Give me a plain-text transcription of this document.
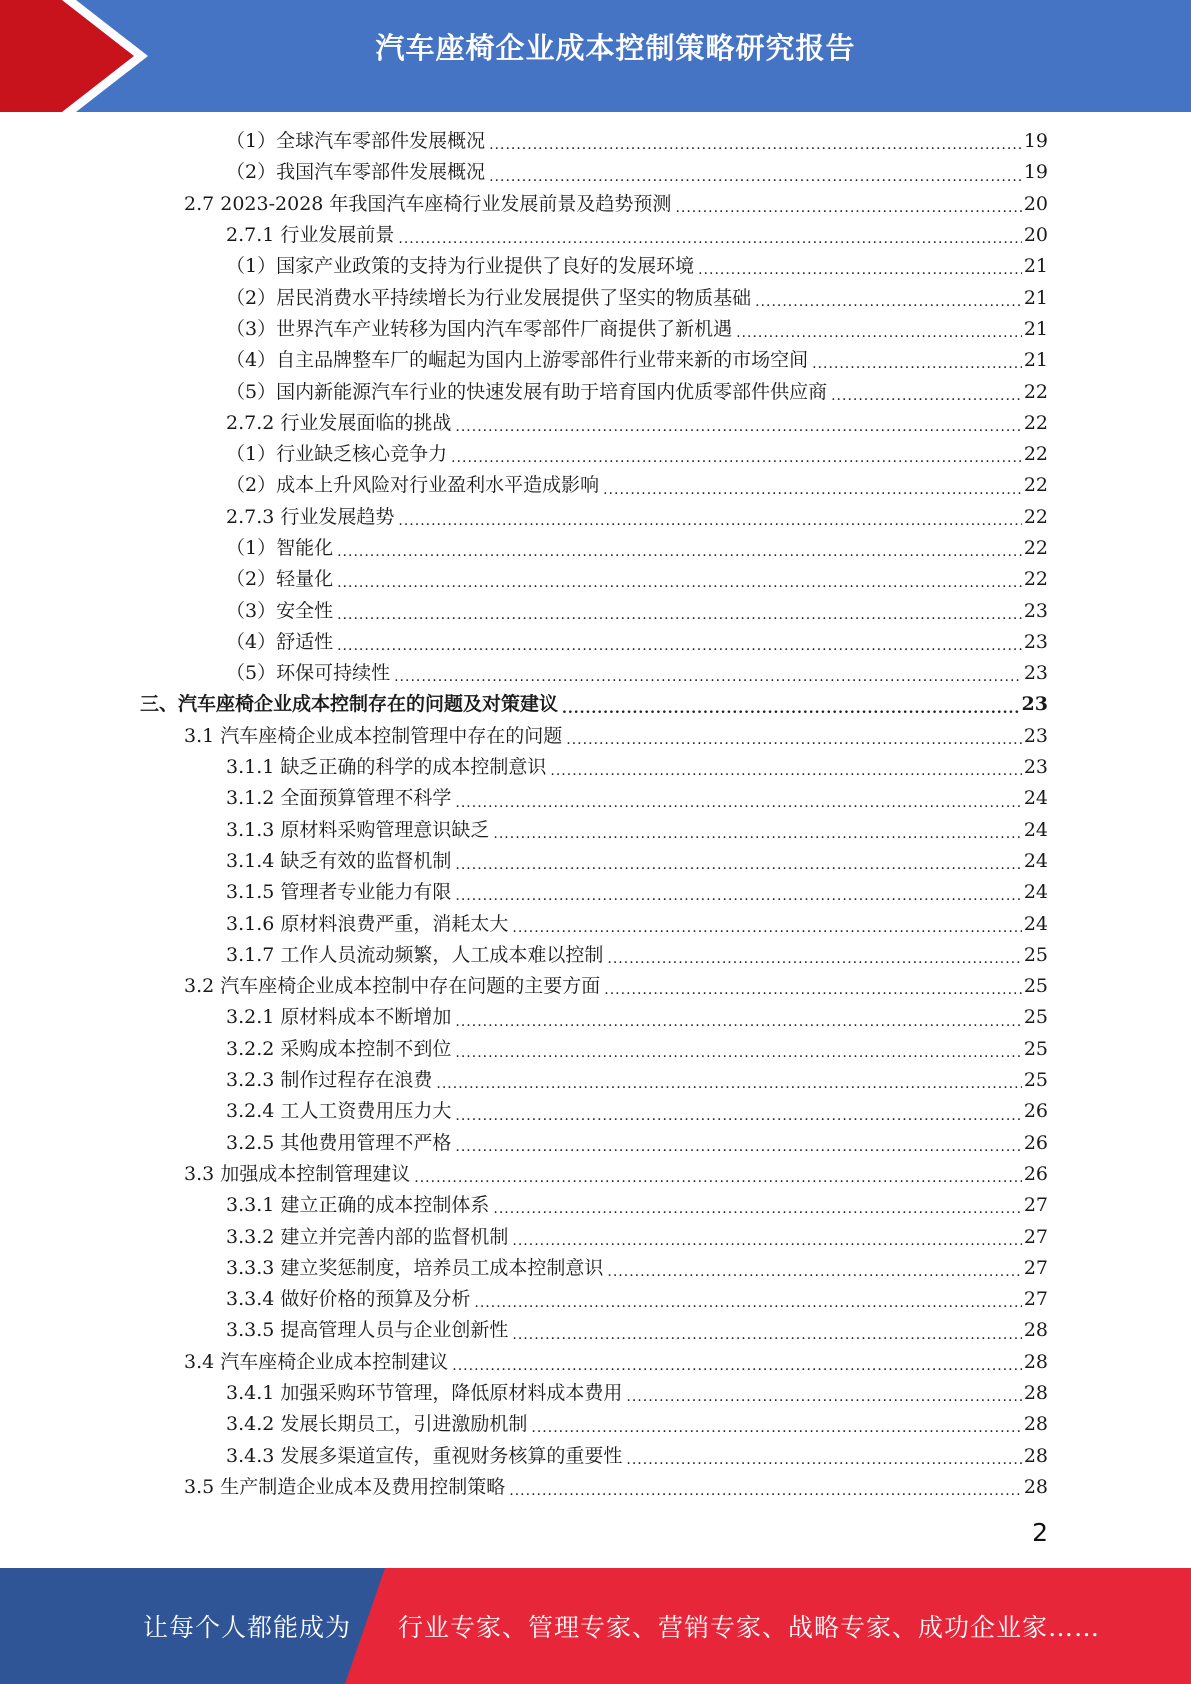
汽车座椅企业成本控制策略研究报告
（1）全球汽车零部件发展概况 .....	19
（2）我国汽车零部件发展概况 .....	19
2.7 2023-2028 年我国汽车座椅行业发展前景及趋势预测 .....	20
2.7.1 行业发展前景 .....	20
（1）国家产业政策的支持为行业提供了良好的发展环境 .....	21
（2）居民消费水平持续增长为行业发展提供了坚实的物质基础 .....	21
（3）世界汽车产业转移为国内汽车零部件厂商提供了新机遇 .....	21
（4）自主品牌整车厂的崛起为国内上游零部件行业带来新的市场空间 .....	21
（5）国内新能源汽车行业的快速发展有助于培育国内优质零部件供应商 .....	22
2.7.2 行业发展面临的挑战 .....	22
（1）行业缺乏核心竞争力 .....	22
（2）成本上升风险对行业盈利水平造成影响 .....	22
2.7.3 行业发展趋势 .....	22
（1）智能化 .....	22
（2）轻量化 .....	22
（3）安全性 .....	23
（4）舒适性 .....	23
（5）环保可持续性 .....	23
三、汽车座椅企业成本控制存在的问题及对策建议 .....	23
3.1 汽车座椅企业成本控制管理中存在的问题 .....	23
3.1.1 缺乏正确的科学的成本控制意识 .....	23
3.1.2 全面预算管理不科学 .....	24
3.1.3 原材料采购管理意识缺乏 .....	24
3.1.4 缺乏有效的监督机制 .....	24
3.1.5 管理者专业能力有限 .....	24
3.1.6 原材料浪费严重，消耗太大 .....	24
3.1.7 工作人员流动频繁，人工成本难以控制 .....	25
3.2 汽车座椅企业成本控制中存在问题的主要方面 .....	25
3.2.1 原材料成本不断增加 .....	25
3.2.2 采购成本控制不到位 .....	25
3.2.3 制作过程存在浪费 .....	25
3.2.4 工人工资费用压力大 .....	26
3.2.5 其他费用管理不严格 .....	26
3.3 加强成本控制管理建议 .....	26
3.3.1 建立正确的成本控制体系 .....	27
3.3.2 建立并完善内部的监督机制 .....	27
3.3.3 建立奖惩制度，培养员工成本控制意识 .....	27
3.3.4 做好价格的预算及分析 .....	27
3.3.5 提高管理人员与企业创新性 .....	28
3.4 汽车座椅企业成本控制建议 .....	28
3.4.1 加强采购环节管理，降低原材料成本费用 .....	28
3.4.2 发展长期员工，引进激励机制 .....	28
3.4.3 发展多渠道宣传，重视财务核算的重要性 .....	28
3.5 生产制造企业成本及费用控制策略 .....	28
2
让每个人都能成为 行业专家、管理专家、营销专家、战略专家、成功企业家……
